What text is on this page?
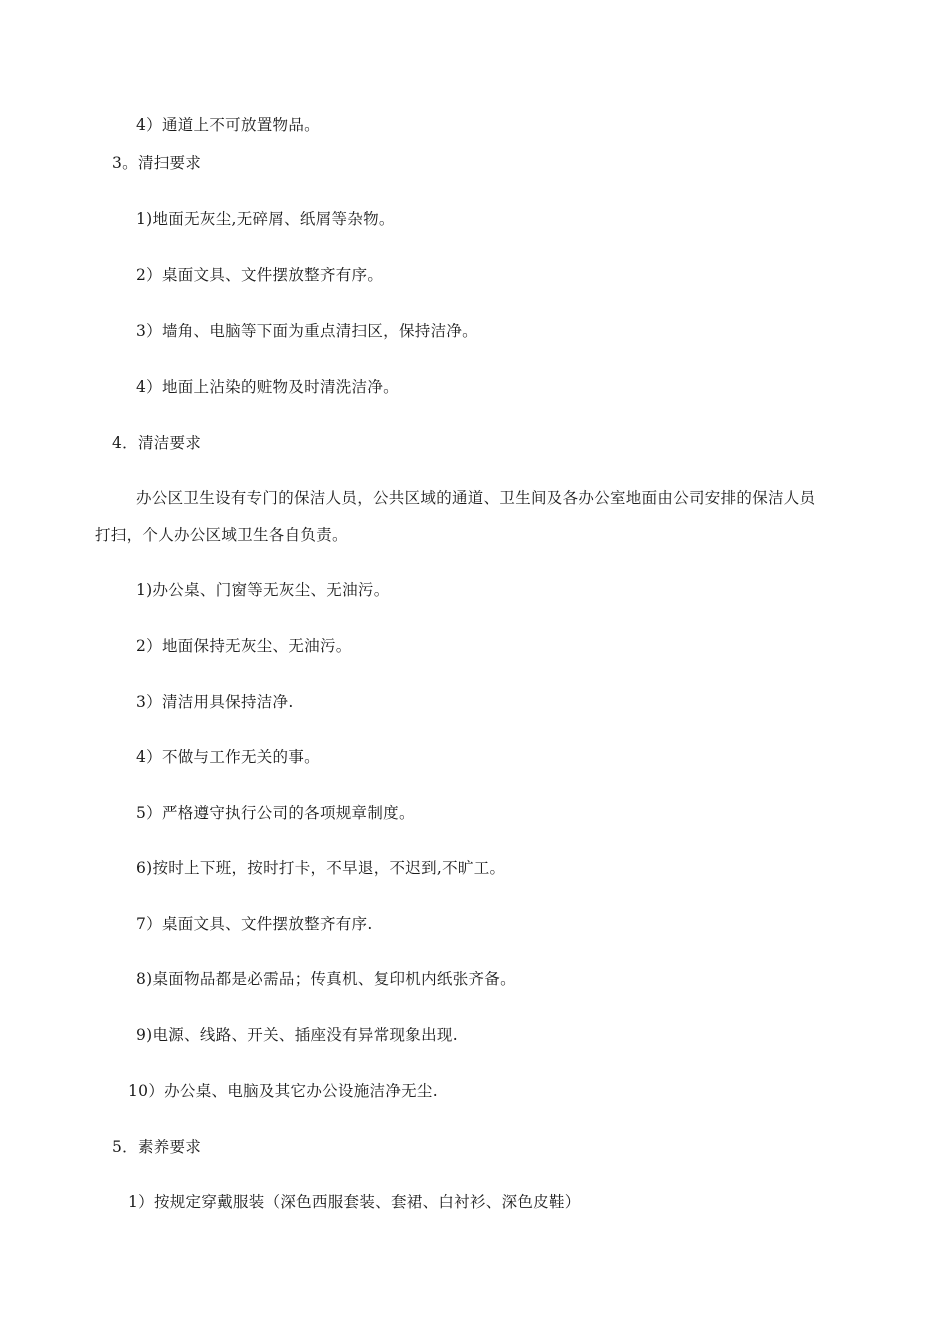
4）通道上不可放置物品。
3。清扫要求
1)地面无灰尘,无碎屑、纸屑等杂物。
2）桌面文具、文件摆放整齐有序。
3）墙角、电脑等下面为重点清扫区，保持洁净。
4）地面上沾染的赃物及时清洗洁净。
4．清洁要求
办公区卫生设有专门的保洁人员，公共区域的通道、卫生间及各办公室地面由公司安排的保洁人员
打扫，个人办公区域卫生各自负责。
1)办公桌、门窗等无灰尘、无油污。
2）地面保持无灰尘、无油污。
3）清洁用具保持洁净.
4）不做与工作无关的事。
5）严格遵守执行公司的各项规章制度。
6)按时上下班，按时打卡，不早退，不迟到,不旷工。
7）桌面文具、文件摆放整齐有序.
8)桌面物品都是必需品；传真机、复印机内纸张齐备。
9)电源、线路、开关、插座没有异常现象出现.
10）办公桌、电脑及其它办公设施洁净无尘.
5．素养要求
1）按规定穿戴服装（深色西服套装、套裙、白衬衫、深色皮鞋）
